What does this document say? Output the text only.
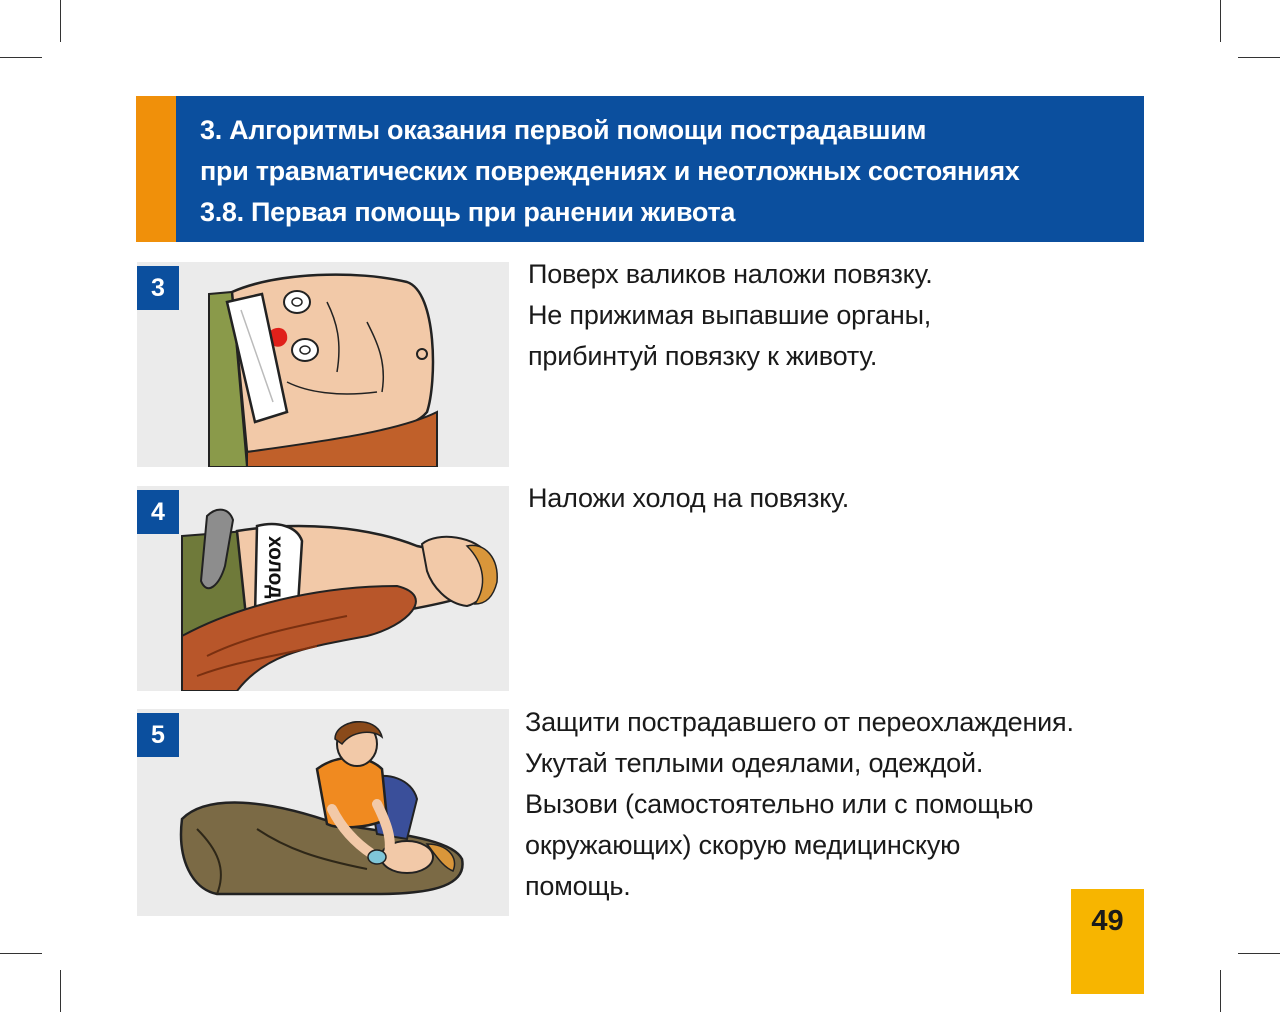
3. Алгоритмы оказания первой помощи пострадавшим
при травматических повреждениях и неотложных состояниях
3.8. Первая помощь при ранении живота
3	Поверх валиков наложи повязку.
Не прижимая выпавшие органы,
прибинтуй повязку к животу.
холод
4	Наложи холод на повязку.
5	Защити пострадавшего от переохлаждения.
Укутай теплыми одеялами, одеждой.
Вызови (самостоятельно или с помощью
окружающих) скорую медицинскую
помощь.
49
